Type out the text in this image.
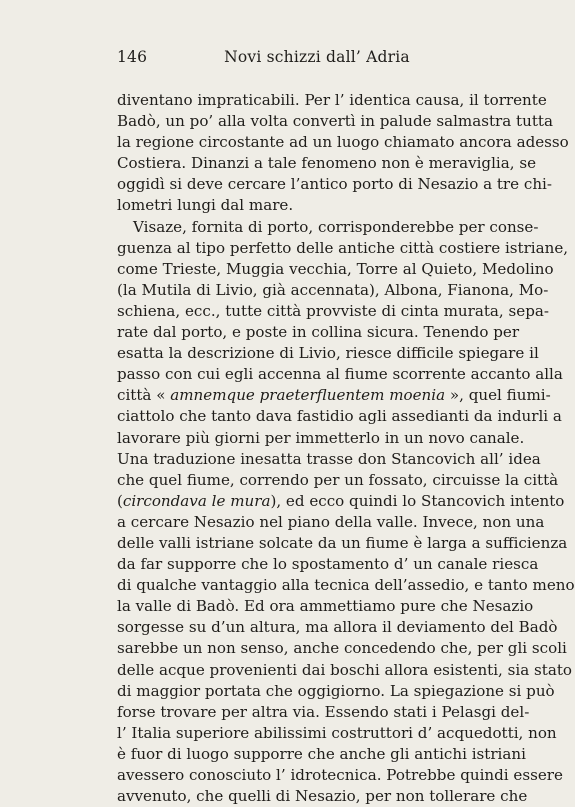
146	Novi schizzi dall’ Adria
diventano impraticabili. Per l’ identica causa, il torrente
Badò, un po’ alla volta convertì in palude salmastra tutta
la regione circostante ad un luogo chiamato ancora adesso
Costiera. Dinanzi a tale fenomeno non è meraviglia, se
oggidì si deve cercare l’antico porto di Nesazio a tre chi-
lometri lungi dal mare.
Visaze, fornita di porto, corrisponderebbe per conse-
guenza al tipo perfetto delle antiche città costiere istriane,
come Trieste, Muggia vecchia, Torre al Quieto, Medolino
(la Mutila di Livio, già accennata), Albona, Fianona, Mo-
schiena, ecc., tutte città provviste di cinta murata, sepa-
rate dal porto, e poste in collina sicura. Tenendo per
esatta la descrizione di Livio, riesce difficile spiegare il
passo con cui egli accenna al fiume scorrente accanto alla
città « amnemque praeterfluentem moenia », quel fiumi-
ciattolo che tanto dava fastidio agli assedianti da indurli a
lavorare più giorni per immetterlo in un novo canale.
Una traduzione inesatta trasse don Stancovich all’ idea
che quel fiume, correndo per un fossato, circuisse la città
(circondava le mura), ed ecco quindi lo Stancovich intento
a cercare Nesazio nel piano della valle. Invece, non una
delle valli istriane solcate da un fiume è larga a sufficienza
da far supporre che lo spostamento d’ un canale riesca
di qualche vantaggio alla tecnica dell’assedio, e tanto meno
la valle di Badò. Ed ora ammettiamo pure che Nesazio
sorgesse su d’un altura, ma allora il deviamento del Badò
sarebbe un non senso, anche concedendo che, per gli scoli
delle acque provenienti dai boschi allora esistenti, sia stato
di maggior portata che oggigiorno. La spiegazione si può
forse trovare per altra via. Essendo stati i Pelasgi del-
l’ Italia superiore abilissimi costruttori d’ acquedotti, non
è fuor di luogo supporre che anche gli antichi istriani
avessero conosciuto l’ idrotecnica. Potrebbe quindi essere
avvenuto, che quelli di Nesazio, per non tollerare che
